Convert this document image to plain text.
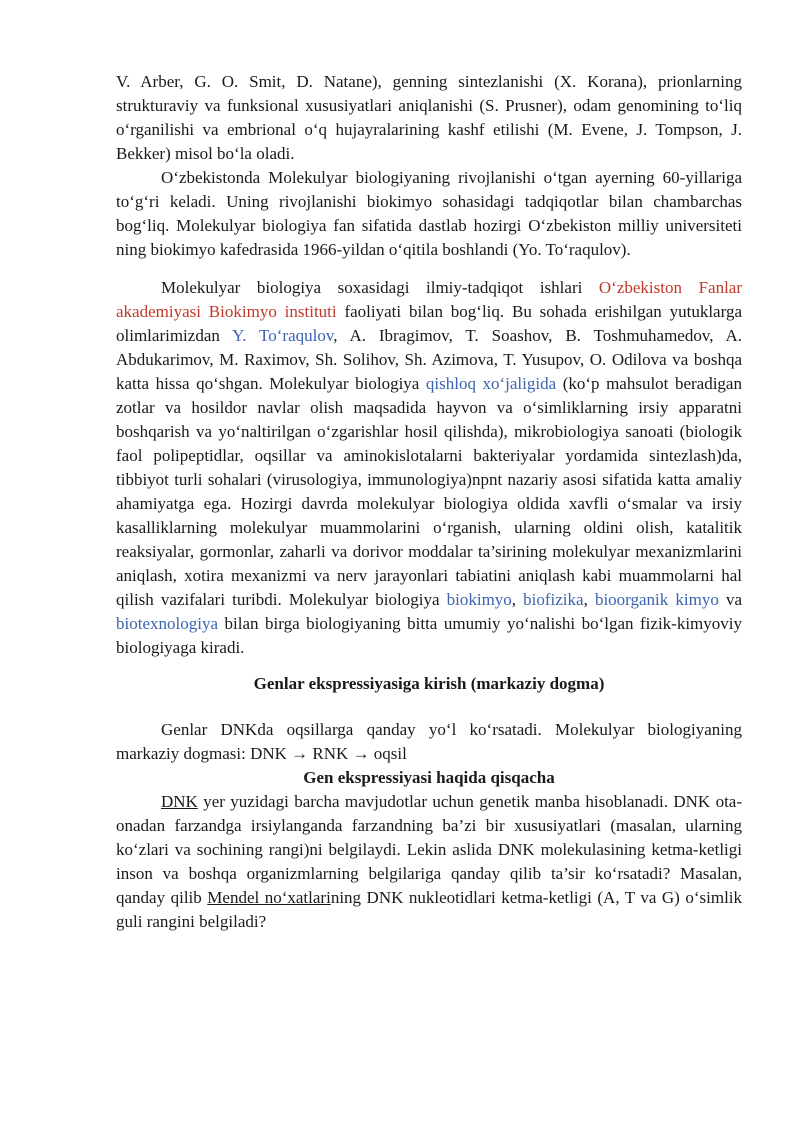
V. Arber, G. O. Smit, D. Natane), genning sintezlanishi (X. Korana), prionlarning strukturaviy va funksional xususiyatlari aniqlanishi (S. Prusner), odam genomining to‘liq o‘rganilishi va embrional o‘q hujayralarining kashf etilishi (M. Evene, J. Tompson, J. Bekker) misol bo‘la oladi.

O‘zbekistonda Molekulyar biologiyaning rivojlanishi o‘tgan ayerning 60-yillariga to‘g‘ri keladi. Uning rivojlanishi biokimyo sohasidagi tadqiqotlar bilan chambarchas bog‘liq. Molekulyar biologiya fan sifatida dastlab hozirgi O‘zbekiston milliy universiteti ning biokimyo kafedrasida 1966-yildan o‘qitila boshlandi (Yo. To‘raqulov).

Molekulyar biologiya soxasidagi ilmiy-tadqiqot ishlari O‘zbekiston Fanlar akademiyasi Biokimyo instituti faoliyati bilan bog‘liq. Bu sohada erishilgan yutuklarga olimlarimizdan Y. To‘raqulov, A. Ibragimov, T. Soashov, B. Toshmuhamedov, A. Abdukarimov, M. Raximov, Sh. Solihov, Sh. Azimova, T. Yusupov, O. Odilova va boshqa katta hissa qo‘shgan. Molekulyar biologiya qishloq xo‘jaligida (ko‘p mahsulot beradigan zotlar va hosildor navlar olish maqsadida hayvon va o‘simliklarning irsiy apparatni boshqarish va yo‘naltirilgan o‘zgarishlar hosil qilishda), mikrobiologiya sanoati (biologik faol polipeptidlar, oqsillar va aminokislotalarni bakteriyalar yordamida sintezlash)da, tibbiyot turli sohalari (virusologiya, immunologiya)npnt nazariy asosi sifatida katta amaliy ahamiyatga ega. Hozirgi davrda molekulyar biologiya oldida xavfli o‘smalar va irsiy kasalliklarning molekulyar muammolarini o‘rganish, ularning oldini olish, katalitik reaksiyalar, gormonlar, zaharli va dorivor moddalar ta’sirining molekulyar mexanizmlarini aniqlash, xotira mexanizmi va nerv jarayonlari tabiatini aniqlash kabi muammolarni hal qilish vazifalari turibdi. Molekulyar biologiya biokimyo, biofizika, bioorganik kimyo va biotexnologiya bilan birga biologiyaning bitta umumiy yo‘nalishi bo‘lgan fizik-kimyoviy biologiyaga kiradi.

Genlar ekspressiyasiga kirish (markaziy dogma)

Genlar DNKda oqsillarga qanday yo‘l ko‘rsatadi. Molekulyar biologiyaning markaziy dogmasi: DNK → RNK → oqsil

Gen ekspressiyasi haqida qisqacha

DNK yer yuzidagi barcha mavjudotlar uchun genetik manba hisoblanadi. DNK ota-onadan farzandga irsiylanganda farzandning ba’zi bir xususiyatlari (masalan, ularning ko‘zlari va sochining rangi)ni belgilaydi. Lekin aslida DNK molekulasining ketma-ketligi inson va boshqa organizmlarning belgilariga qanday qilib ta’sir ko‘rsatadi? Masalan, qanday qilib Mendel no‘xatlarining DNK nukleotidlari ketma-ketligi (A, T va G) o‘simlik guli rangini belgiladi?
